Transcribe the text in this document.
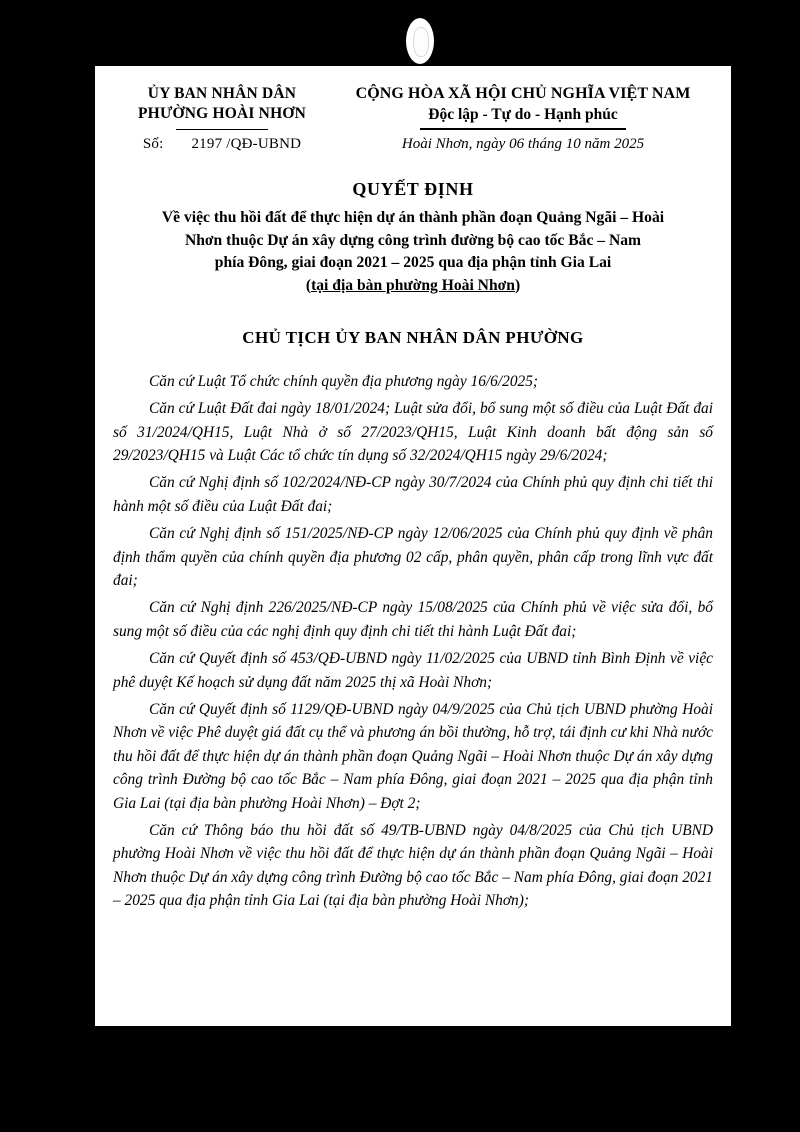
ỦY BAN NHÂN DÂN
PHƯỜNG HOÀI NHƠN
Số: 2197 /QĐ-UBND
CỘNG HÒA XÃ HỘI CHỦ NGHĨA VIỆT NAM
Độc lập - Tự do - Hạnh phúc
Hoài Nhơn, ngày 06 tháng 10 năm 2025
QUYẾT ĐỊNH
Về việc thu hồi đất để thực hiện dự án thành phần đoạn Quảng Ngãi – Hoài
Nhơn thuộc Dự án xây dựng công trình đường bộ cao tốc Bắc – Nam
phía Đông, giai đoạn 2021 – 2025 qua địa phận tỉnh Gia Lai
(tại địa bàn phường Hoài Nhơn)
CHỦ TỊCH ỦY BAN NHÂN DÂN PHƯỜNG

Căn cứ Luật Tổ chức chính quyền địa phương ngày 16/6/2025;

Căn cứ Luật Đất đai ngày 18/01/2024; Luật sửa đổi, bổ sung một số điều của Luật Đất đai số 31/2024/QH15, Luật Nhà ở số 27/2023/QH15, Luật Kinh doanh bất động sản số 29/2023/QH15 và Luật Các tổ chức tín dụng số 32/2024/QH15 ngày 29/6/2024;

Căn cứ Nghị định số 102/2024/NĐ-CP ngày 30/7/2024 của Chính phủ quy định chi tiết thi hành một số điều của Luật Đất đai;

Căn cứ Nghị định số 151/2025/NĐ-CP ngày 12/06/2025 của Chính phủ quy định về phân định thẩm quyền của chính quyền địa phương 02 cấp, phân quyền, phân cấp trong lĩnh vực đất đai;

Căn cứ Nghị định 226/2025/NĐ-CP ngày 15/08/2025 của Chính phủ về việc sửa đổi, bổ sung một số điều của các nghị định quy định chi tiết thi hành Luật Đất đai;

Căn cứ Quyết định số 453/QĐ-UBND ngày 11/02/2025 của UBND tỉnh Bình Định về việc phê duyệt Kế hoạch sử dụng đất năm 2025 thị xã Hoài Nhơn;

Căn cứ Quyết định số 1129/QĐ-UBND ngày 04/9/2025 của Chủ tịch UBND phường Hoài Nhơn về việc Phê duyệt giá đất cụ thể và phương án bồi thường, hỗ trợ, tái định cư khi Nhà nước thu hồi đất để thực hiện dự án thành phần đoạn Quảng Ngãi – Hoài Nhơn thuộc Dự án xây dựng công trình Đường bộ cao tốc Bắc – Nam phía Đông, giai đoạn 2021 – 2025 qua địa phận tỉnh Gia Lai (tại địa bàn phường Hoài Nhơn) – Đợt 2;

Căn cứ Thông báo thu hồi đất số 49/TB-UBND ngày 04/8/2025 của Chủ tịch UBND phường Hoài Nhơn về việc thu hồi đất để thực hiện dự án thành phần đoạn Quảng Ngãi – Hoài Nhơn thuộc Dự án xây dựng công trình Đường bộ cao tốc Bắc – Nam phía Đông, giai đoạn 2021 – 2025 qua địa phận tỉnh Gia Lai (tại địa bàn phường Hoài Nhơn);
